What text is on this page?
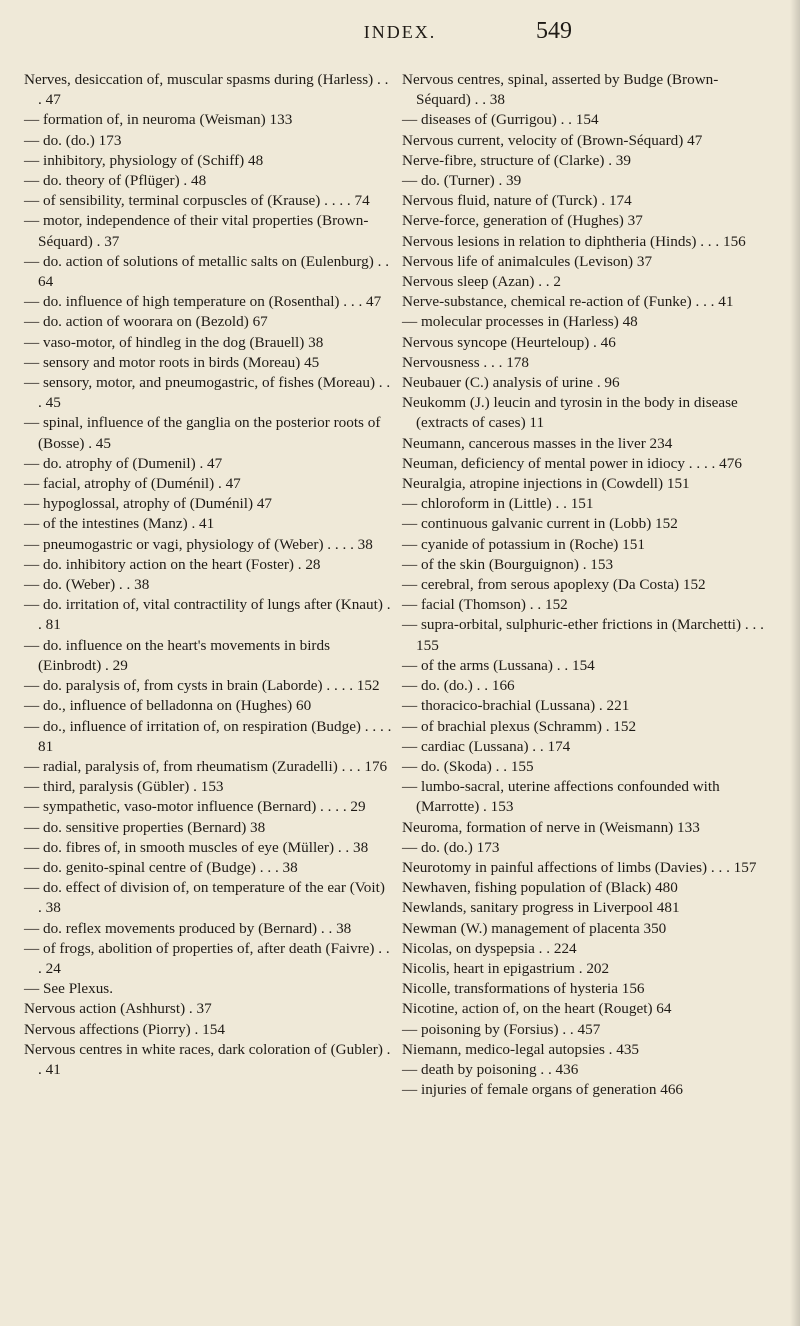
INDEX.	549
Nerves, desiccation of, muscular spasms during (Harless) . . . 47
— formation of, in neuroma (Weisman) 133
— do. (do.) 173
— inhibitory, physiology of (Schiff) 48
— do. theory of (Pflüger) . 48
— of sensibility, terminal corpuscles of (Krause) . . . . 74
— motor, independence of their vital properties (Brown-Séquard) . 37
— do. action of solutions of metallic salts on (Eulenburg) . . 64
— do. influence of high temperature on (Rosenthal) . . . 47
— do. action of woorara on (Bezold) 67
— vaso-motor, of hindleg in the dog (Brauell) 38
— sensory and motor roots in birds (Moreau) 45
— sensory, motor, and pneumogastric, of fishes (Moreau) . . . 45
— spinal, influence of the ganglia on the posterior roots of (Bosse) . 45
— do. atrophy of (Dumenil) . 47
— facial, atrophy of (Duménil) . 47
— hypoglossal, atrophy of (Duménil) 47
— of the intestines (Manz) . 41
— pneumogastric or vagi, physiology of (Weber) . . . . 38
— do. inhibitory action on the heart (Foster) . 28
— do. (Weber) . . 38
— do. irritation of, vital contractility of lungs after (Knaut) . . 81
— do. influence on the heart's movements in birds (Einbrodt) . 29
— do. paralysis of, from cysts in brain (Laborde) . . . . 152
— do., influence of belladonna on (Hughes) 60
— do., influence of irritation of, on respiration (Budge) . . . . 81
— radial, paralysis of, from rheumatism (Zuradelli) . . . 176
— third, paralysis (Gübler) . 153
— sympathetic, vaso-motor influence (Bernard) . . . . 29
— do. sensitive properties (Bernard) 38
— do. fibres of, in smooth muscles of eye (Müller) . . 38
— do. genito-spinal centre of (Budge) . . . 38
— do. effect of division of, on temperature of the ear (Voit) . 38
— do. reflex movements produced by (Bernard) . . 38
— of frogs, abolition of properties of, after death (Faivre) . . . 24
— See Plexus.
Nervous action (Ashhurst) . 37
Nervous affections (Piorry) . 154
Nervous centres in white races, dark coloration of (Gubler) . . 41
Nervous centres, spinal, asserted by Budge (Brown-Séquard) . . 38
— diseases of (Gurrigou) . . 154
Nervous current, velocity of (Brown-Séquard) 47
Nerve-fibre, structure of (Clarke) . 39
— do. (Turner) . 39
Nervous fluid, nature of (Turck) . 174
Nerve-force, generation of (Hughes) 37
Nervous lesions in relation to diphtheria (Hinds) . . . 156
Nervous life of animalcules (Levison) 37
Nervous sleep (Azan) . . 2
Nerve-substance, chemical re-action of (Funke) . . . 41
— molecular processes in (Harless) 48
Nervous syncope (Heurteloup) . 46
Nervousness . . . 178
Neubauer (C.) analysis of urine . 96
Neukomm (J.) leucin and tyrosin in the body in disease (extracts of cases) 11
Neumann, cancerous masses in the liver 234
Neuman, deficiency of mental power in idiocy . . . . 476
Neuralgia, atropine injections in (Cowdell) 151
— chloroform in (Little) . . 151
— continuous galvanic current in (Lobb) 152
— cyanide of potassium in (Roche) 151
— of the skin (Bourguignon) . 153
— cerebral, from serous apoplexy (Da Costa) 152
— facial (Thomson) . . 152
— supra-orbital, sulphuric-ether frictions in (Marchetti) . . . 155
— of the arms (Lussana) . . 154
— do. (do.) . . 166
— thoracico-brachial (Lussana) . 221
— of brachial plexus (Schramm) . 152
— cardiac (Lussana) . . 174
— do. (Skoda) . . 155
— lumbo-sacral, uterine affections confounded with (Marrotte) . 153
Neuroma, formation of nerve in (Weismann) 133
— do. (do.) 173
Neurotomy in painful affections of limbs (Davies) . . . 157
Newhaven, fishing population of (Black) 480
Newlands, sanitary progress in Liverpool 481
Newman (W.) management of placenta 350
Nicolas, on dyspepsia . . 224
Nicolis, heart in epigastrium . 202
Nicolle, transformations of hysteria 156
Nicotine, action of, on the heart (Rouget) 64
— poisoning by (Forsius) . . 457
Niemann, medico-legal autopsies . 435
— death by poisoning . . 436
— injuries of female organs of generation 466
